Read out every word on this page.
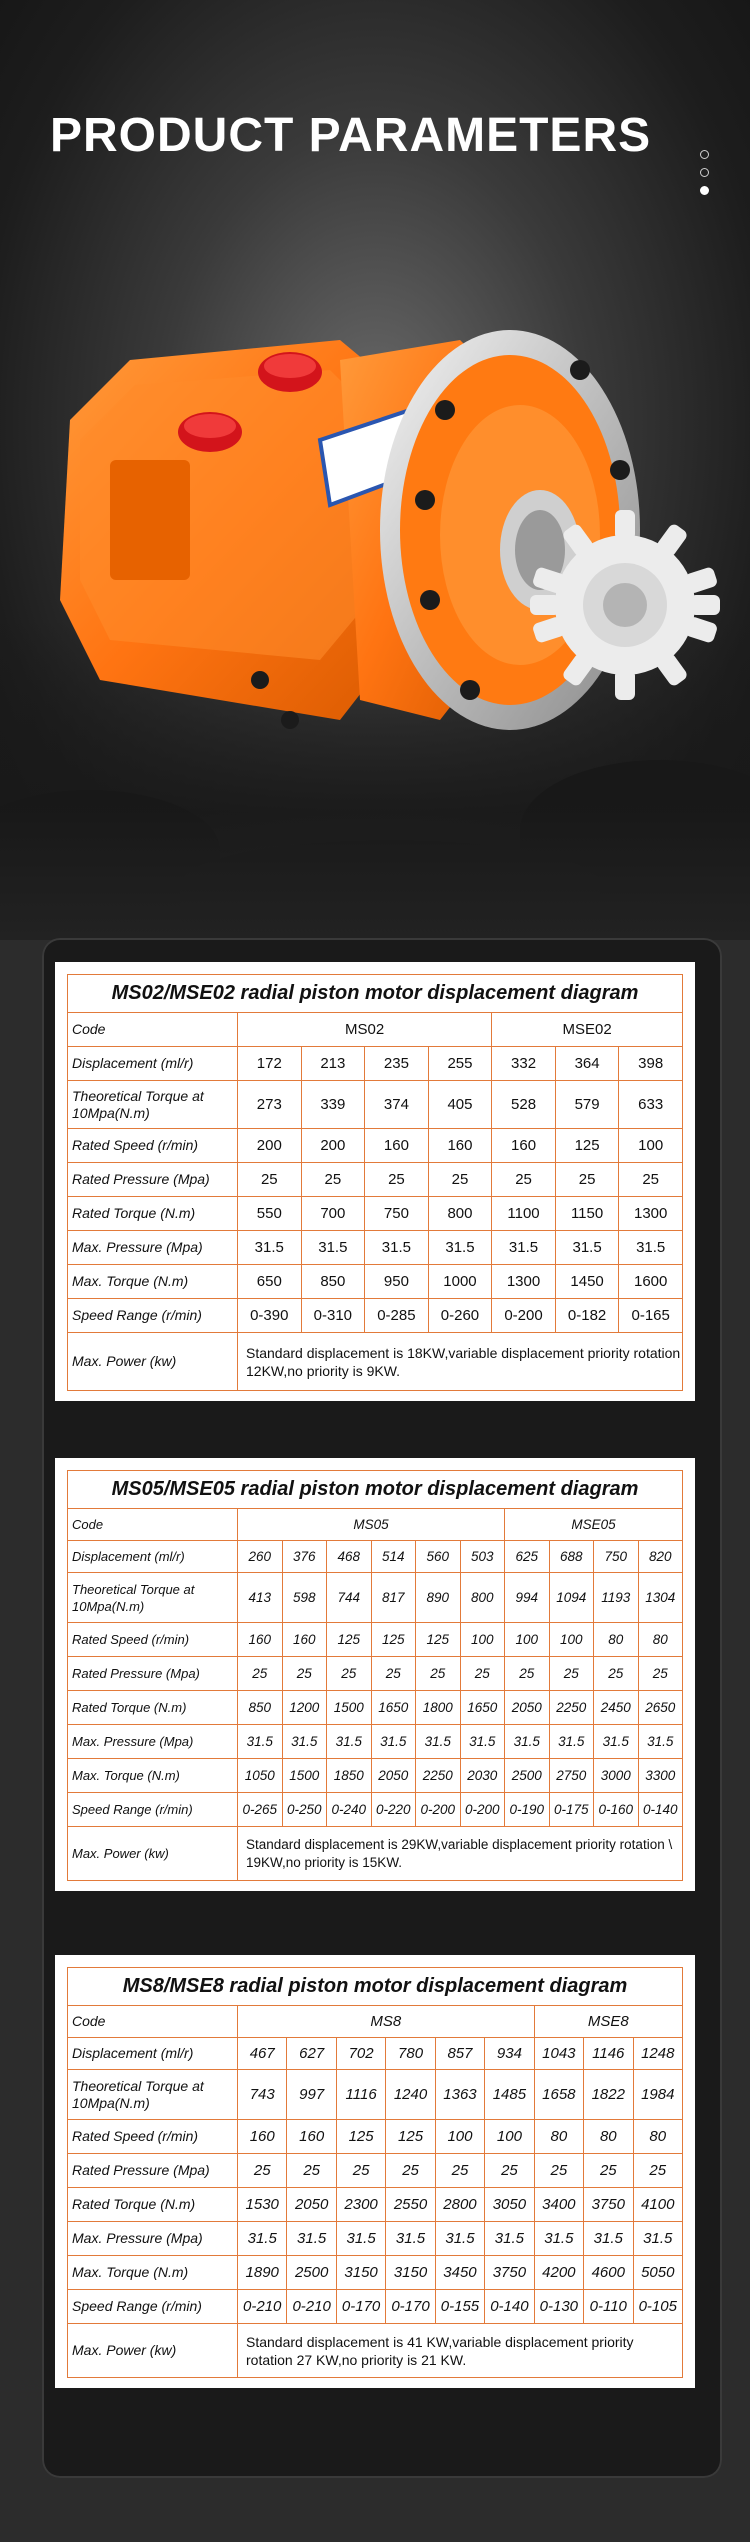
PRODUCT PARAMETERS
MS02/MSE02 radial piston motor displacement diagram
Code	MS02				MSE02		
Displacement (ml/r)	172	213	235	255	332	364	398
Theoretical Torque at 10Mpa(N.m)	273	339	374	405	528	579	633
Rated Speed (r/min)	200	200	160	160	160	125	100
Rated Pressure (Mpa)	25	25	25	25	25	25	25
Rated Torque (N.m)	550	700	750	800	1100	1150	1300
Max. Pressure (Mpa)	31.5	31.5	31.5	31.5	31.5	31.5	31.5
Max. Torque (N.m)	650	850	950	1000	1300	1450	1600
Speed Range (r/min)	0-390	0-310	0-285	0-260	0-200	0-182	0-165
Max. Power (kw)	Standard displacement is 18KW,variable displacement priority rotation 12KW,no priority is 9KW.						
MS05/MSE05 radial piston motor displacement diagram
Code	MS05						MSE05			
Displacement (ml/r)	260	376	468	514	560	503	625	688	750	820
Theoretical Torque at 10Mpa(N.m)	413	598	744	817	890	800	994	1094	1193	1304
Rated Speed (r/min)	160	160	125	125	125	100	100	100	80	80
Rated Pressure (Mpa)	25	25	25	25	25	25	25	25	25	25
Rated Torque (N.m)	850	1200	1500	1650	1800	1650	2050	2250	2450	2650
Max. Pressure (Mpa)	31.5	31.5	31.5	31.5	31.5	31.5	31.5	31.5	31.5	31.5
Max. Torque (N.m)	1050	1500	1850	2050	2250	2030	2500	2750	3000	3300
Speed Range (r/min)	0-265	0-250	0-240	0-220	0-200	0-200	0-190	0-175	0-160	0-140
Max. Power (kw)	Standard displacement is 29KW,variable displacement priority rotation \ 19KW,no priority is 15KW.									
MS8/MSE8 radial piston motor displacement diagram
Code	MS8						MSE8		
Displacement (ml/r)	467	627	702	780	857	934	1043	1146	1248
Theoretical Torque at 10Mpa(N.m)	743	997	1116	1240	1363	1485	1658	1822	1984
Rated Speed (r/min)	160	160	125	125	100	100	80	80	80
Rated Pressure (Mpa)	25	25	25	25	25	25	25	25	25
Rated Torque (N.m)	1530	2050	2300	2550	2800	3050	3400	3750	4100
Max. Pressure (Mpa)	31.5	31.5	31.5	31.5	31.5	31.5	31.5	31.5	31.5
Max. Torque (N.m)	1890	2500	3150	3150	3450	3750	4200	4600	5050
Speed Range (r/min)	0-210	0-210	0-170	0-170	0-155	0-140	0-130	0-110	0-105
Max. Power (kw)	Standard displacement is 41 KW,variable displacement priority rotation 27 KW,no priority is 21 KW.								
